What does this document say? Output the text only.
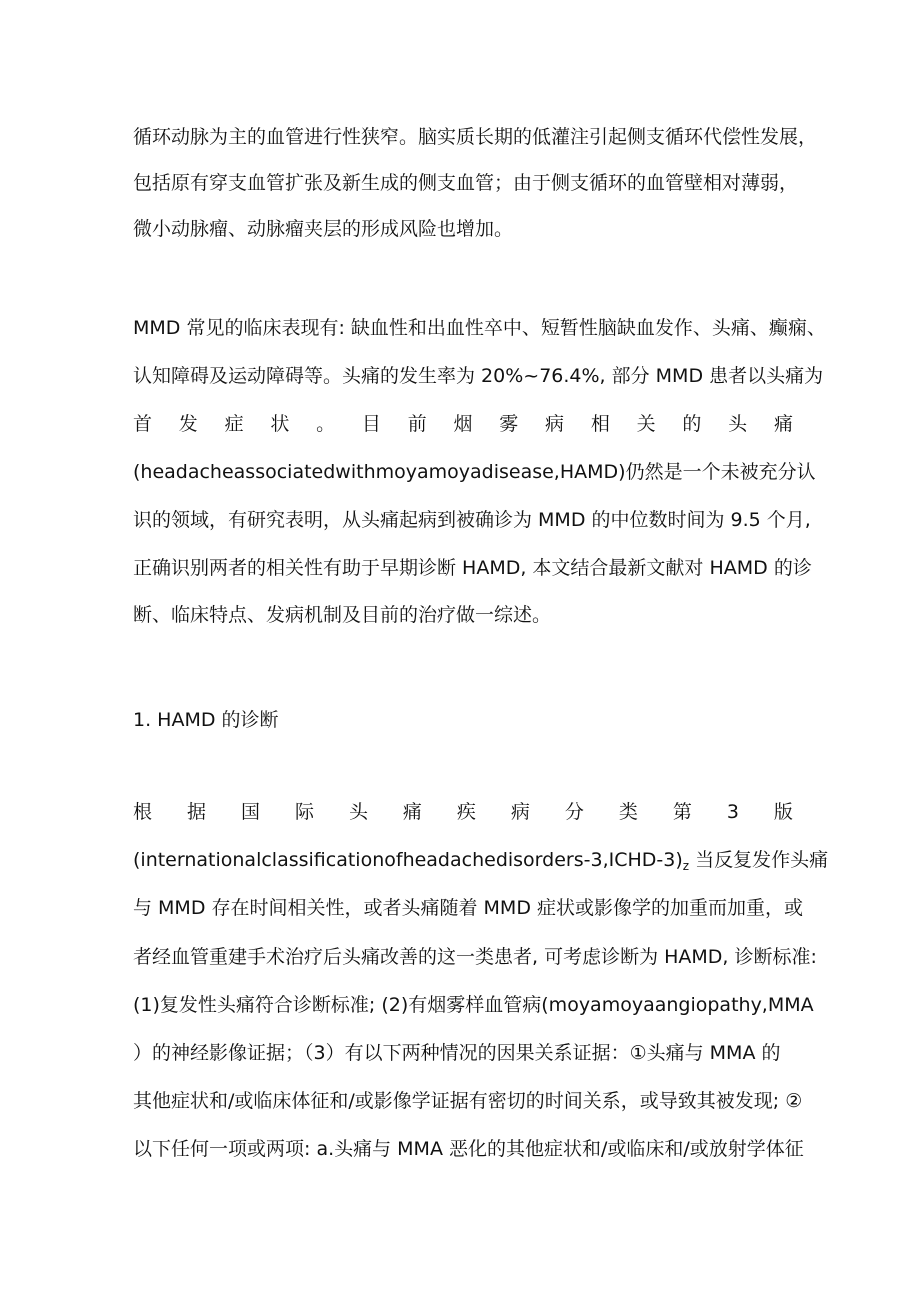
循环动脉为主的血管进行性狭窄。脑实质长期的低灌注引起侧支循环代偿性发展，
包括原有穿支血管扩张及新生成的侧支血管；由于侧支循环的血管壁相对薄弱，
微小动脉瘤、动脉瘤夹层的形成风险也增加。
MMD 常见的临床表现有: 缺血性和出血性卒中、短暂性脑缺血发作、头痛、癫痫、
认知障碍及运动障碍等。头痛的发生率为 20%~76.4%, 部分 MMD 患者以头痛为
首 发 症 状 。 目 前 烟 雾 病 相 关 的 头 痛
(headacheassociatedwithmoyamoyadisease,HAMD)仍然是一个未被充分认
识的领域，有研究表明，从头痛起病到被确诊为 MMD 的中位数时间为 9.5 个月,
正确识别两者的相关性有助于早期诊断 HAMD, 本文结合最新文献对 HAMD 的诊
断、临床特点、发病机制及目前的治疗做一综述。
1. HAMD 的诊断
根 据 国 际 头 痛 疾 病 分 类 第 3 版
$(internationalclassificationofheadachedisorders-3,ICHD-3)_z$ 当反复发作头痛
与 MMD 存在时间相关性，或者头痛随着 MMD 症状或影像学的加重而加重，或
者经血管重建手术治疗后头痛改善的这一类患者, 可考虑诊断为 HAMD, 诊断标准:
(1)复发性头痛符合诊断标准; (2)有烟雾样血管病(moyamoyaangiopathy,MMA
）的神经影像证据；（3）有以下两种情况的因果关系证据：①头痛与 MMA 的
其他症状和/或临床体征和/或影像学证据有密切的时间关系，或导致其被发现; ②
以下任何一项或两项: a.头痛与 MMA 恶化的其他症状和/或临床和/或放射学体征
